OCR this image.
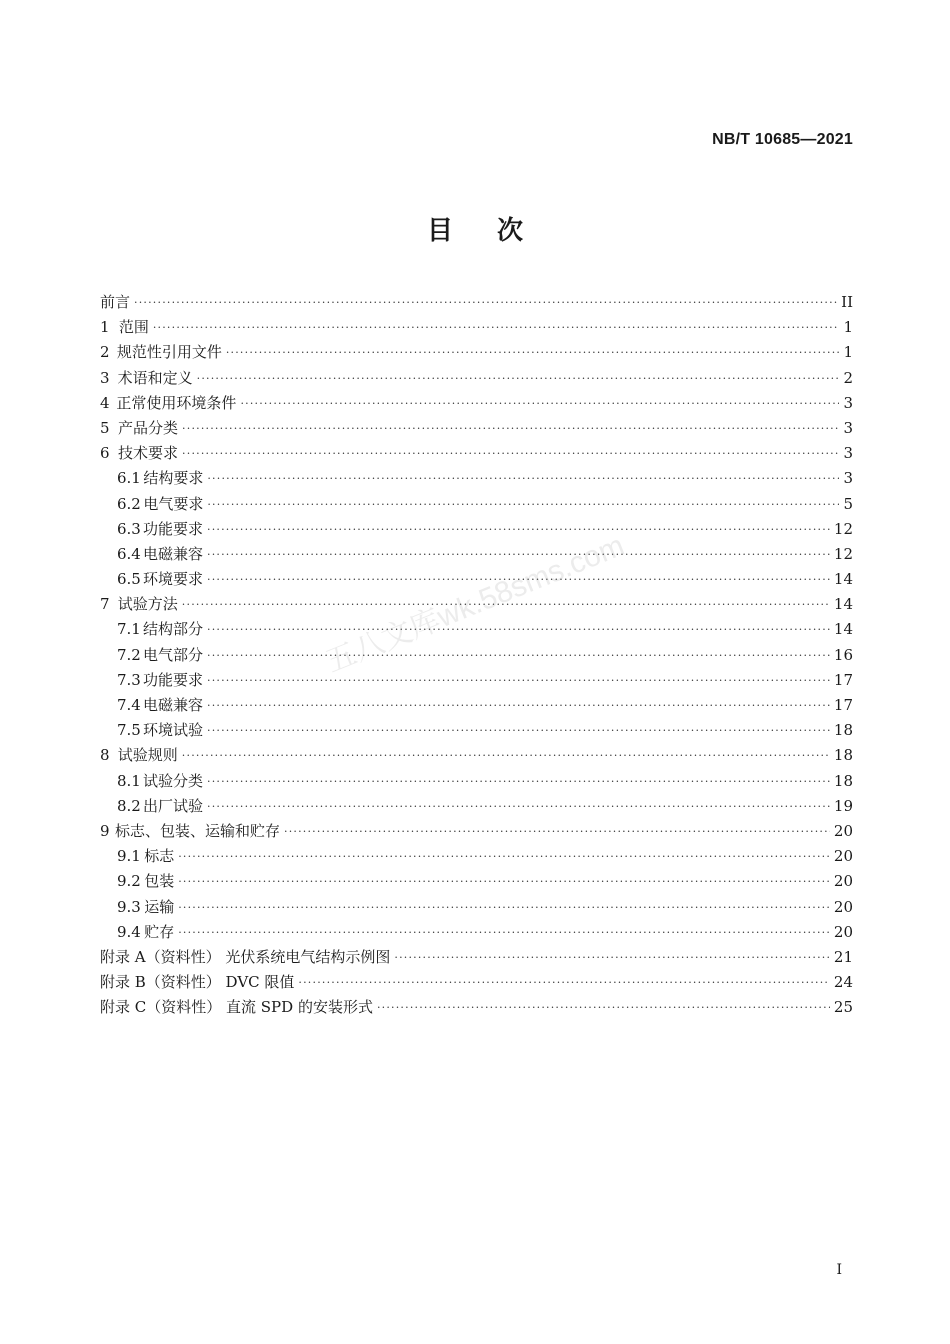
NB/T 10685—2021
目次
前言 ·····	II
1 范围 ·····	1
2 规范性引用文件 ·····	1
3 术语和定义 ·····	2
4 正常使用环境条件 ·····	3
5 产品分类 ·····	3
6 技术要求 ·····	3
6.1 结构要求 ·····	3
6.2 电气要求 ·····	5
6.3 功能要求 ·····	12
6.4 电磁兼容 ·····	12
6.5 环境要求 ·····	14
7 试验方法 ·····	14
7.1 结构部分 ·····	14
7.2 电气部分 ·····	16
7.3 功能要求 ·····	17
7.4 电磁兼容 ·····	17
7.5 环境试验 ·····	18
8 试验规则 ·····	18
8.1 试验分类 ·····	18
8.2 出厂试验 ·····	19
9 标志、包装、运输和贮存 ·····	20
9.1 标志 ·····	20
9.2 包装 ·····	20
9.3 运输 ·····	20
9.4 贮存 ·····	20
附录 A（资料性） 光伏系统电气结构示例图 ·····	21
附录 B（资料性） DVC 限值 ·····	24
附录 C（资料性） 直流 SPD 的安装形式 ·····	25
五八文库wk.58sms.com
I
